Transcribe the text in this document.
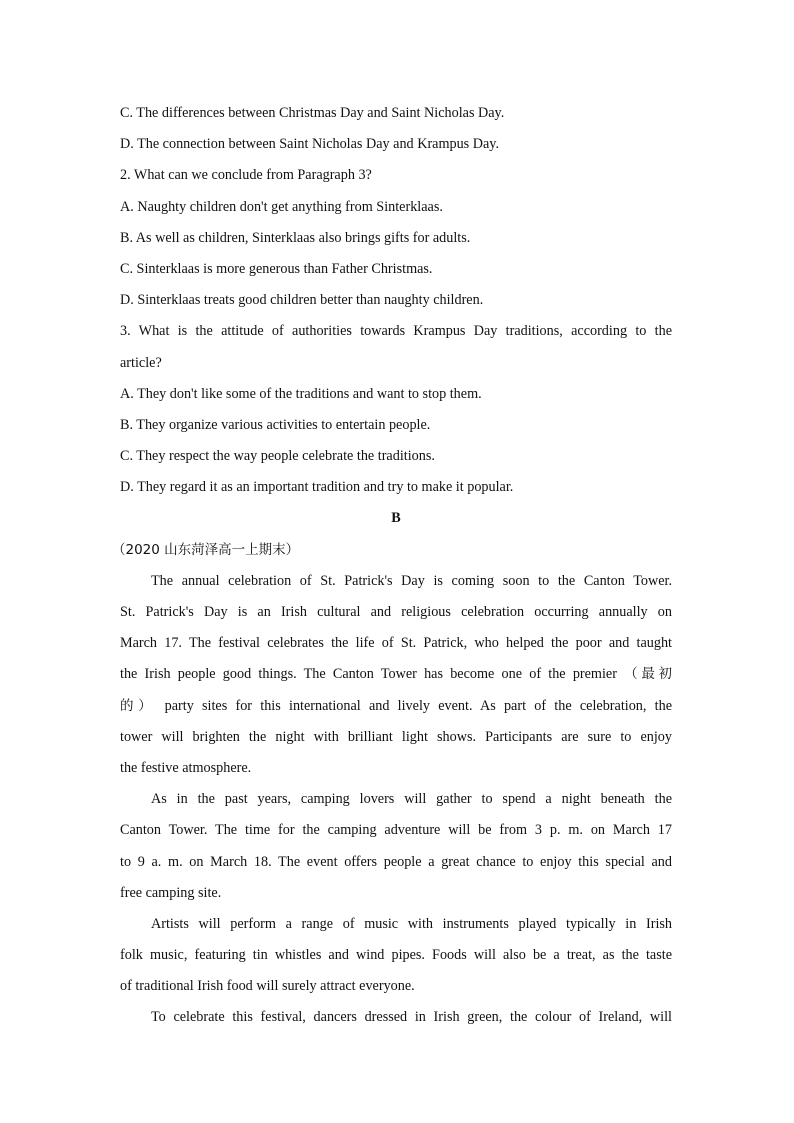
C. The differences between Christmas Day and Saint Nicholas Day.
D. The connection between Saint Nicholas Day and Krampus Day.
2. What can we conclude from Paragraph 3?
A. Naughty children don't get anything from Sinterklaas.
B. As well as children, Sinterklaas also brings gifts for adults.
C. Sinterklaas is more generous than Father Christmas.
D. Sinterklaas treats good children better than naughty children.
3. What is the attitude of authorities towards Krampus Day traditions, according to the
article?
A. They don't like some of the traditions and want to stop them.
B. They organize various activities to entertain people.
C. They respect the way people celebrate the traditions.
D. They regard it as an important tradition and try to make it popular.
B
（2020 山东菏泽高一上期末）
The annual celebration of St. Patrick's Day is coming soon to the Canton Tower.
St. Patrick's Day is an Irish cultural and religious celebration occurring annually on
March 17. The festival celebrates the life of St. Patrick, who helped the poor and taught
the Irish people good things. The Canton Tower has become one of the premier （最初
的） party sites for this international and lively event. As part of the celebration, the
tower will brighten the night with brilliant light shows. Participants are sure to enjoy
the festive atmosphere.
As in the past years, camping lovers will gather to spend a night beneath the
Canton Tower. The time for the camping adventure will be from 3 p. m. on March 17
to 9 a. m. on March 18. The event offers people a great chance to enjoy this special and
free camping site.
Artists will perform a range of music with instruments played typically in Irish
folk music, featuring tin whistles and wind pipes. Foods will also be a treat, as the taste
of traditional Irish food will surely attract everyone.
To celebrate this festival, dancers dressed in Irish green, the colour of Ireland, will
